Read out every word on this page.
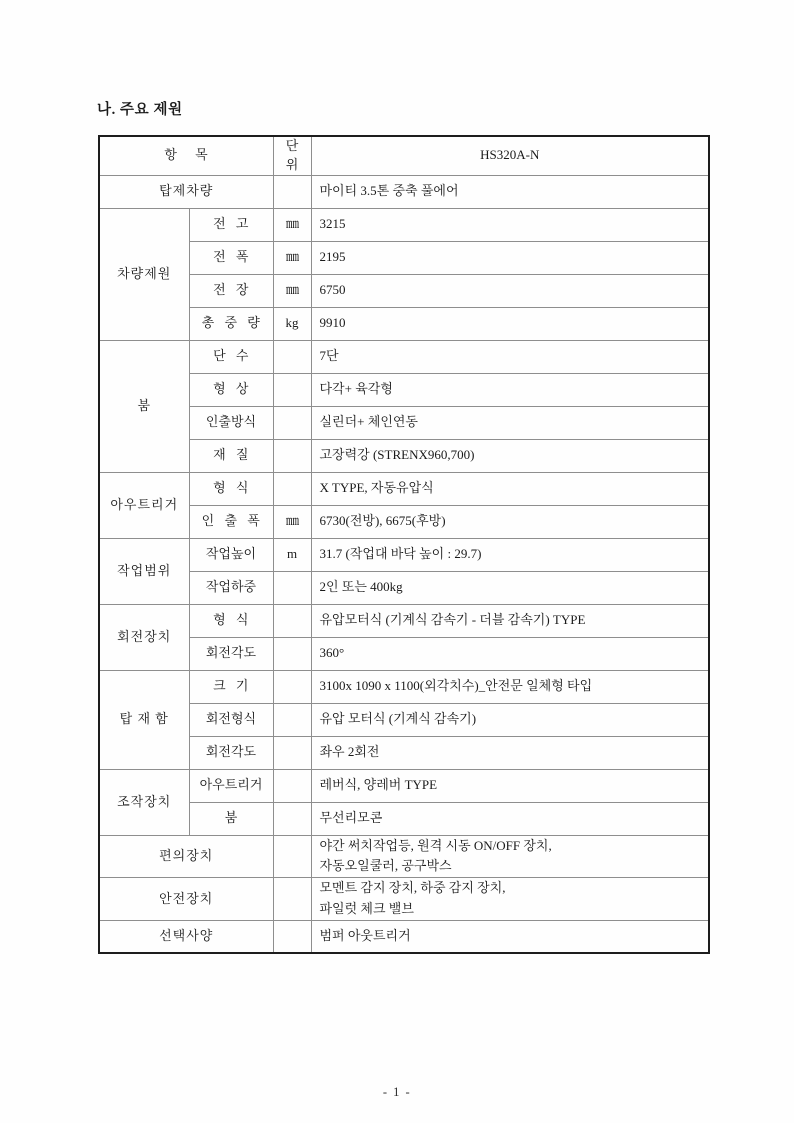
나. 주요 제원
항 목		단위	HS320A-N
탑제차량			마이티 3.5톤 중축 풀에어
차량제원	전 고	㎜	3215
	전 폭	㎜	2195
	전 장	㎜	6750
	총 중 량	kg	9910
붐	단 수		7단
	형 상		다각+ 육각형
	인출방식		실린더+ 체인연동
	재 질		고장력강 (STRENX960,700)
아우트리거	형 식		X TYPE, 자동유압식
	인 출 폭	㎜	6730(전방), 6675(후방)
작업범위	작업높이	m	31.7 (작업대 바닥 높이 : 29.7)
	작업하중		2인 또는 400kg
회전장치	형 식		유압모터식 (기계식 감속기 - 더블 감속기) TYPE
	회전각도		360°
탑 재 함	크 기		3100x 1090 x 1100(외각치수)_안전문 일체형 타입
	회전형식		유압 모터식 (기계식 감속기)
	회전각도		좌우 2회전
조작장치	아우트리거		레버식, 양레버 TYPE
	붐		무선리모콘
편의장치			야간 써치작업등, 원격 시동 ON/OFF 장치,
자동오일쿨러, 공구박스

안전장치			모멘트 감지 장치, 하중 감지 장치,
파일럿 체크 밸브

선택사양			범퍼 아웃트리거
- 1 -
